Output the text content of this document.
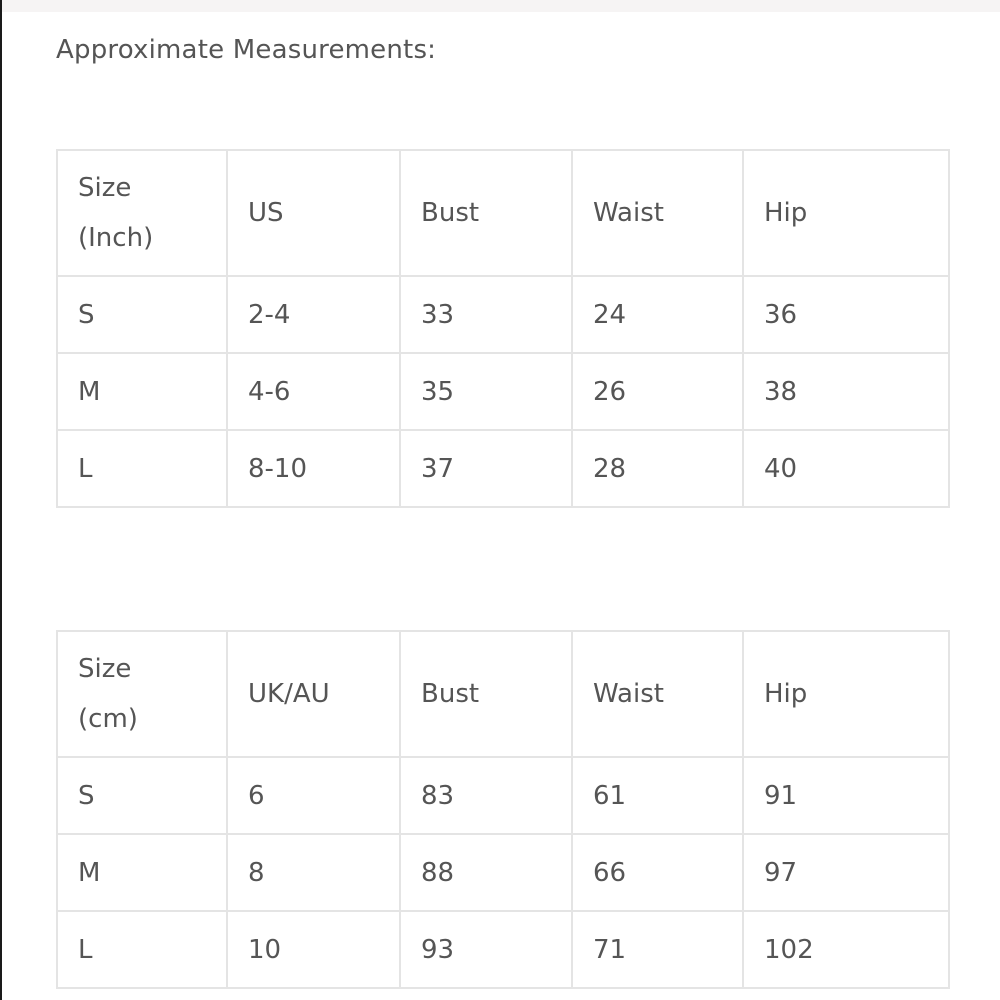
Approximate Measurements:
Size
(Inch)	US	Bust	Waist	Hip
S	2-4	33	24	36
M	4-6	35	26	38
L	8-10	37	28	40
Size
(cm)	UK/AU	Bust	Waist	Hip
S	6	83	61	91
M	8	88	66	97
L	10	93	71	102
